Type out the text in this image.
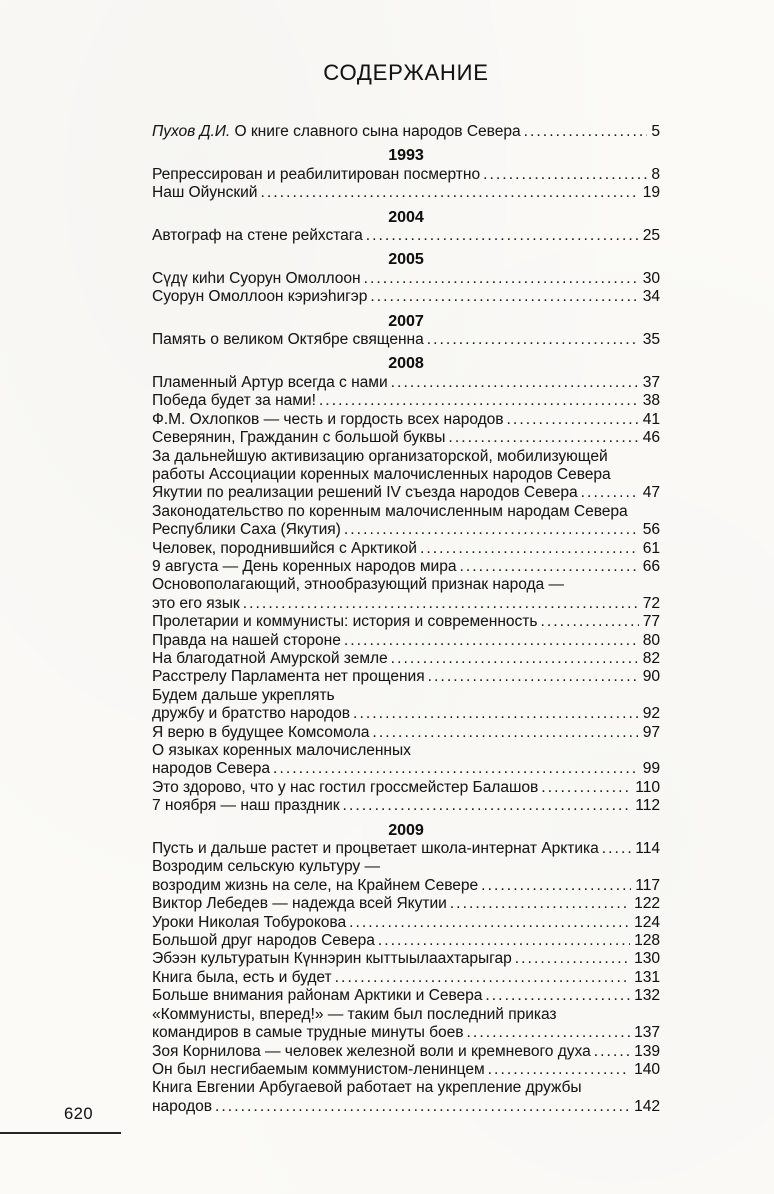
СОДЕРЖАНИЕ
Пухов Д.И. О книге славного сына народов Севера .....	5
1993
Репрессирован и реабилитирован посмертно .....	8
Наш Ойунский .....	19
2004
Автограф на стене рейхстага .....	25
2005
Сүдү киһи Суорун Омоллоон .....	30
Суорун Омоллоон кэриэһигэр .....	34
2007
Память о великом Октябре священна .....	35
2008
Пламенный Артур всегда с нами .....	37
Победа будет за нами! .....	38
Ф.М. Охлопков — честь и гордость всех народов .....	41
Северянин, Гражданин с большой буквы .....	46
За дальнейшую активизацию организаторской, мобилизующей
работы Ассоциации коренных малочисленных народов Севера
Якутии по реализации решений IV съезда народов Севера .....	47
Законодательство по коренным малочисленным народам Севера
Республики Саха (Якутия) .....	56
Человек, породнившийся с Арктикой .....	61
9 августа — День коренных народов мира .....	66
Основополагающий, этнообразующий признак народа —
это его язык .....	72
Пролетарии и коммунисты: история и современность .....	77
Правда на нашей стороне .....	80
На благодатной Амурской земле .....	82
Расстрелу Парламента нет прощения .....	90
Будем дальше укреплять
дружбу и братство народов .....	92
Я верю в будущее Комсомола .....	97
О языках коренных малочисленных
народов Севера .....	99
Это здорово, что у нас гостил гроссмейстер Балашов .....	110
7 ноября — наш праздник .....	112
2009
Пусть и дальше растет и процветает школа-интернат Арктика ..... 114
Возродим сельскую культуру —
возродим жизнь на селе, на Крайнем Севере .....	117
Виктор Лебедев — надежда всей Якутии .....	122
Уроки Николая Тобурокова .....	124
Большой друг народов Севера .....	128
Эбээн культуратын Күннэрин кыттыылаахтарыгар .....	130
Книга была, есть и будет .....	131
Больше внимания районам Арктики и Севера .....	132
«Коммунисты, вперед!» — таким был последний приказ
командиров в самые трудные минуты боев .....	137
Зоя Корнилова — человек железной воли и кремневого духа .....	139
Он был несгибаемым коммунистом-ленинцем .....	140
Книга Евгении Арбугаевой работает на укрепление дружбы
народов .....	142
620
